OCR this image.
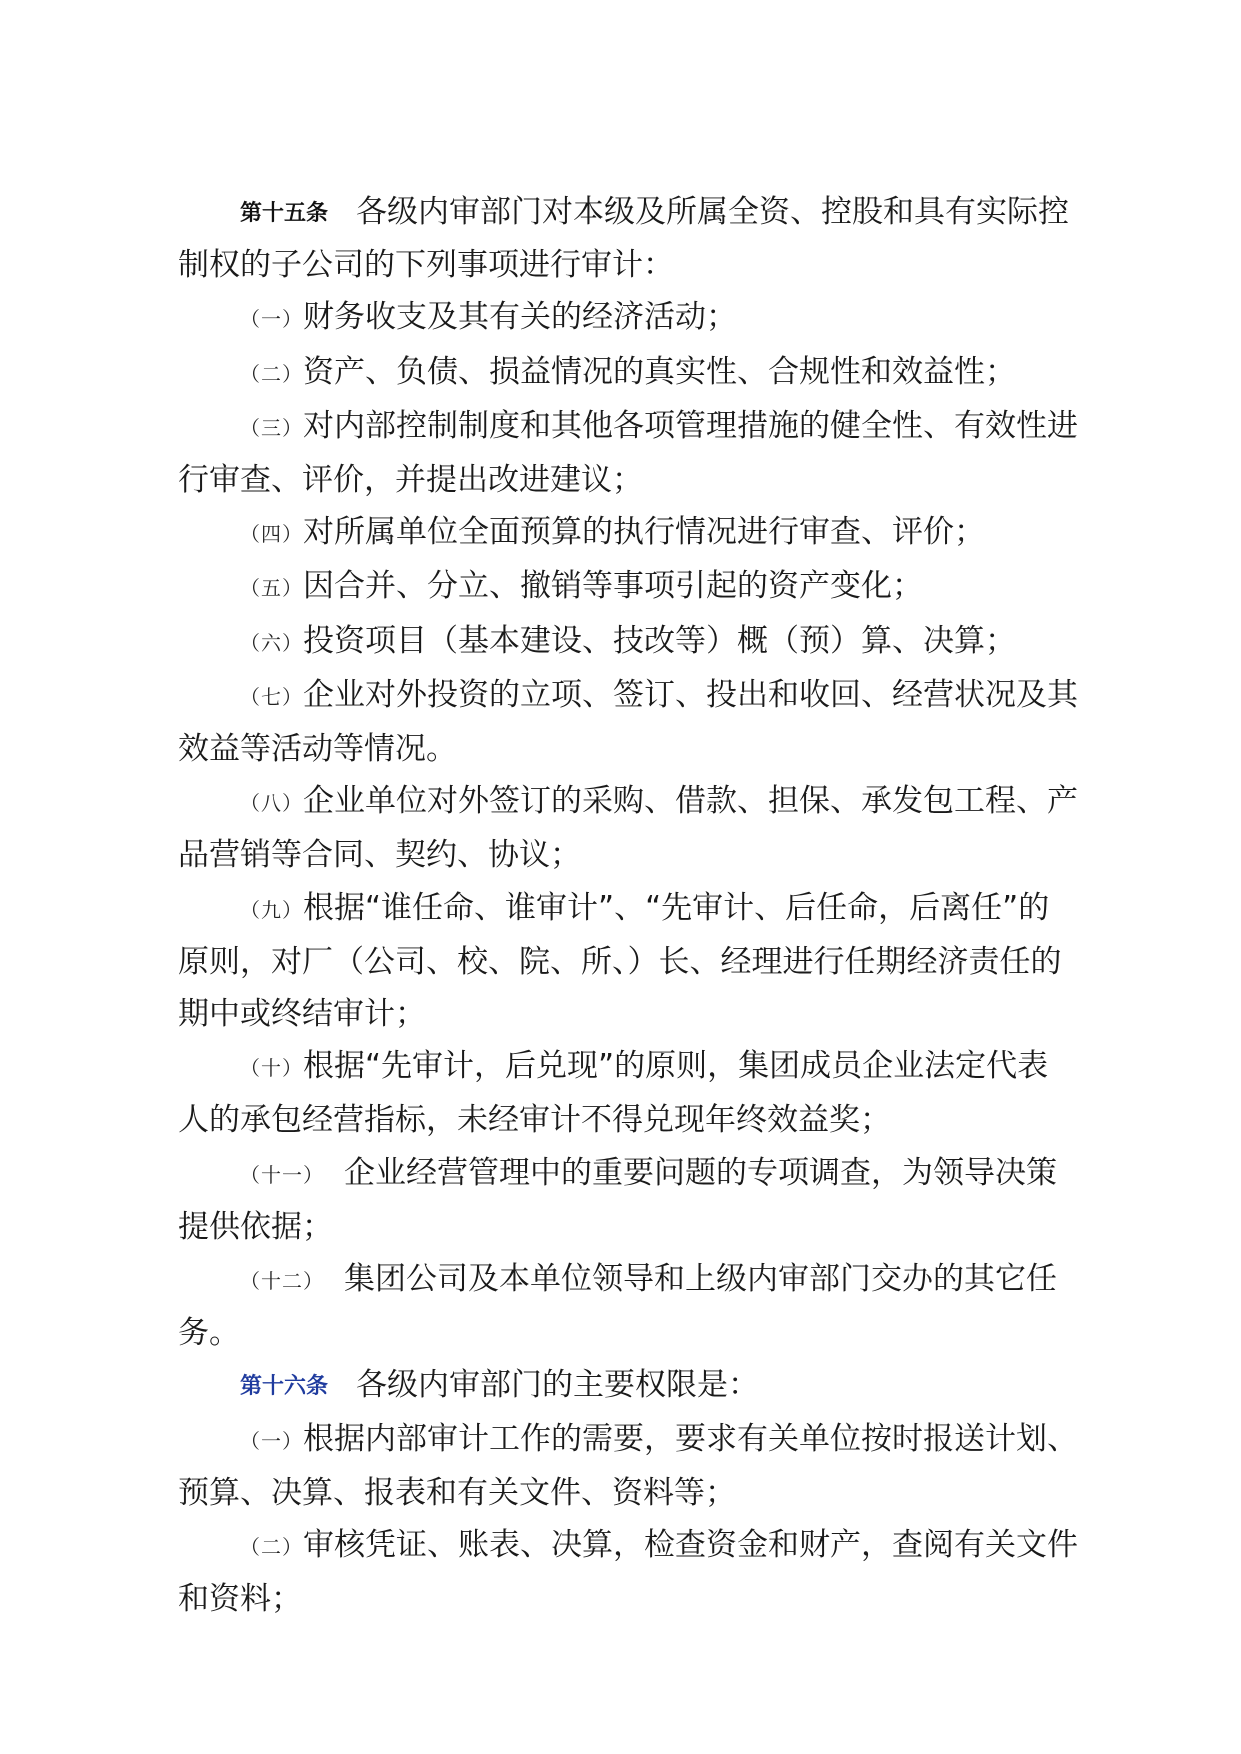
第十五条 各级内审部门对本级及所属全资、控股和具有实际控制权的子公司的下列事项进行审计：

（一）财务收支及其有关的经济活动；

（二）资产、负债、损益情况的真实性、合规性和效益性；

（三）对内部控制制度和其他各项管理措施的健全性、有效性进行审查、评价，并提出改进建议；

（四）对所属单位全面预算的执行情况进行审查、评价；

（五）因合并、分立、撤销等事项引起的资产变化；

（六）投资项目（基本建设、技改等）概（预）算、决算；

（七）企业对外投资的立项、签订、投出和收回、经营状况及其效益等活动等情况。

（八）企业单位对外签订的采购、借款、担保、承发包工程、产品营销等合同、契约、协议；

（九）根据“谁任命、谁审计”、“先审计、后任命，后离任”的原则，对厂（公司、校、院、所、）长、经理进行任期经济责任的期中或终结审计；

（十）根据“先审计，后兑现”的原则，集团成员企业法定代表人的承包经营指标，未经审计不得兑现年终效益奖；

（十一） 企业经营管理中的重要问题的专项调查，为领导决策提供依据；

（十二） 集团公司及本单位领导和上级内审部门交办的其它任务。

第十六条 各级内审部门的主要权限是：

（一）根据内部审计工作的需要，要求有关单位按时报送计划、预算、决算、报表和有关文件、资料等；

（二）审核凭证、账表、决算，检查资金和财产，查阅有关文件和资料；
